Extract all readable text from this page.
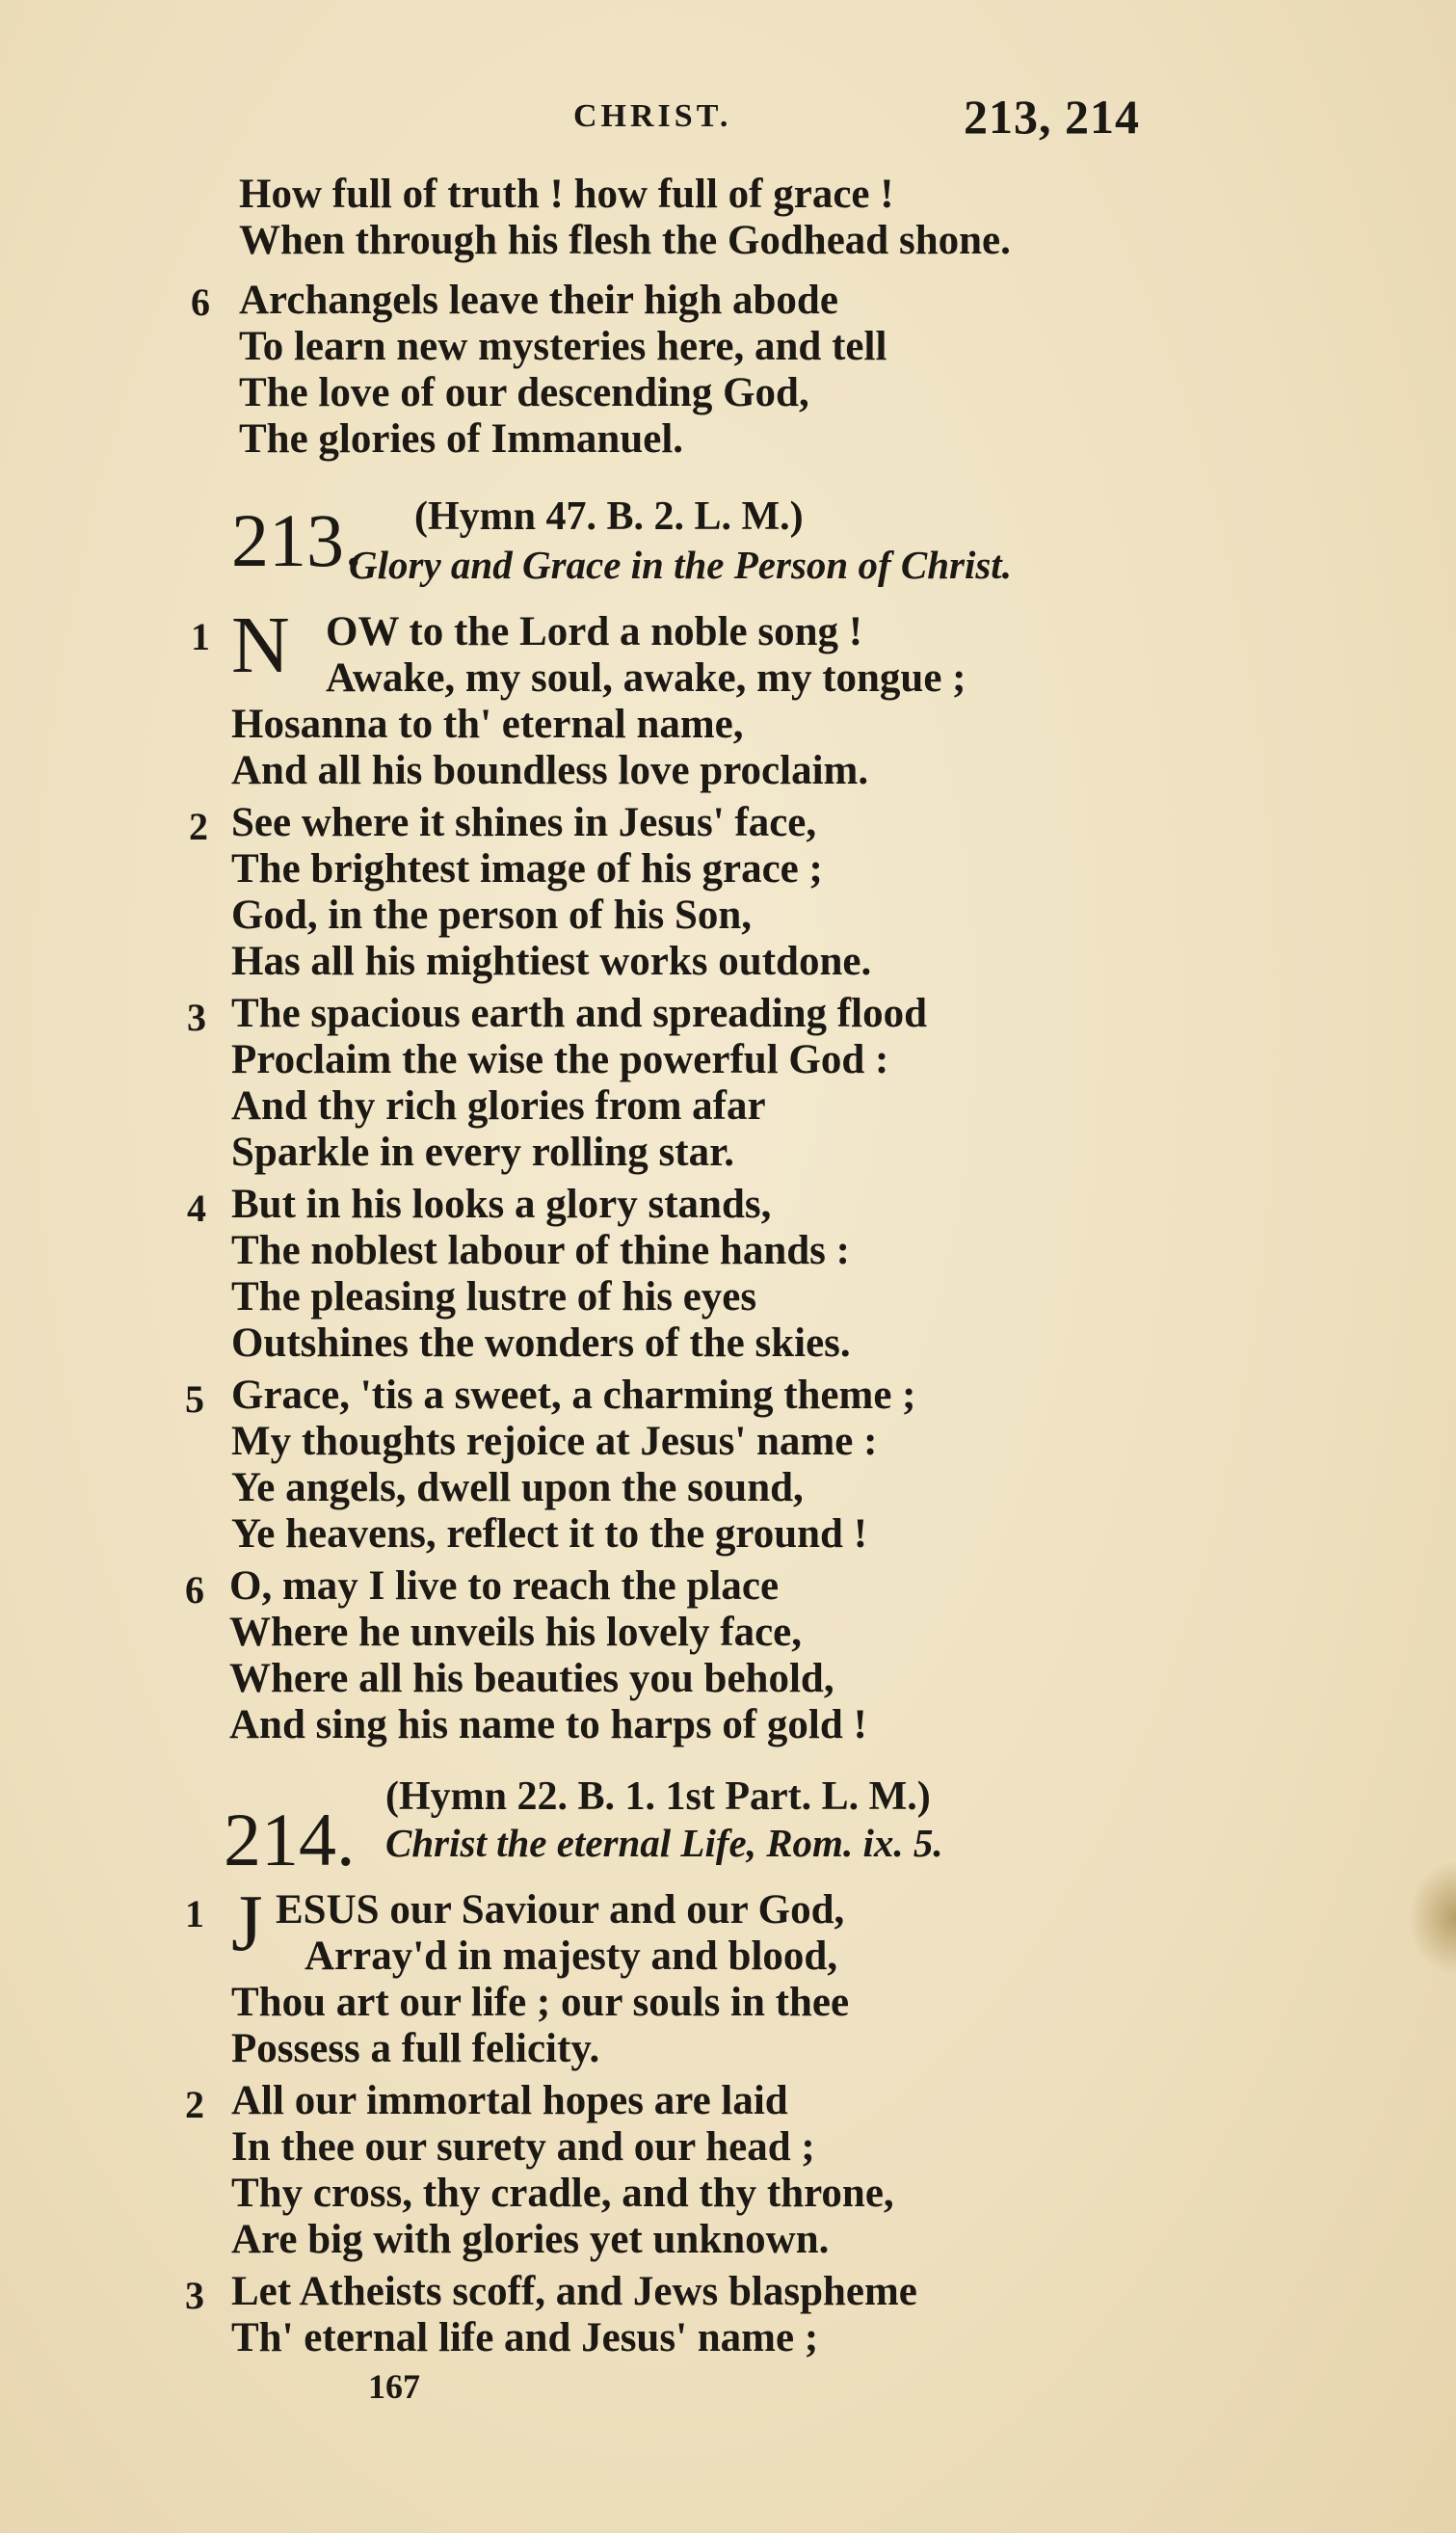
CHRIST.	213, 214
How full of truth ! how full of grace !
When through his flesh the Godhead shone.
6 Archangels leave their high abode
To learn new mysteries here, and tell
The love of our descending God,
The glories of Immanuel.
213. (Hymn 47. B. 2. L. M.)
Glory and Grace in the Person of Christ.
1 N OW to the Lord a noble song !
Awake, my soul, awake, my tongue ;
Hosanna to th' eternal name,
And all his boundless love proclaim.
2 See where it shines in Jesus' face,
The brightest image of his grace ;
God, in the person of his Son,
Has all his mightiest works outdone.
3 The spacious earth and spreading flood
Proclaim the wise the powerful God :
And thy rich glories from afar
Sparkle in every rolling star.
4 But in his looks a glory stands,
The noblest labour of thine hands :
The pleasing lustre of his eyes
Outshines the wonders of the skies.
5 Grace, 'tis a sweet, a charming theme ;
My thoughts rejoice at Jesus' name :
Ye angels, dwell upon the sound,
Ye heavens, reflect it to the ground !
6 O, may I live to reach the place
Where he unveils his lovely face,
Where all his beauties you behold,
And sing his name to harps of gold !
214.
(Hymn 22. B. 1. 1st Part. L. M.)
Christ the eternal Life, Rom. ix. 5.
1 J ESUS our Saviour and our God,
Array'd in majesty and blood,
Thou art our life ; our souls in thee
Possess a full felicity.
2 All our immortal hopes are laid
In thee our surety and our head ;
Thy cross, thy cradle, and thy throne,
Are big with glories yet unknown.
3 Let Atheists scoff, and Jews blaspheme
Th' eternal life and Jesus' name ;
167
